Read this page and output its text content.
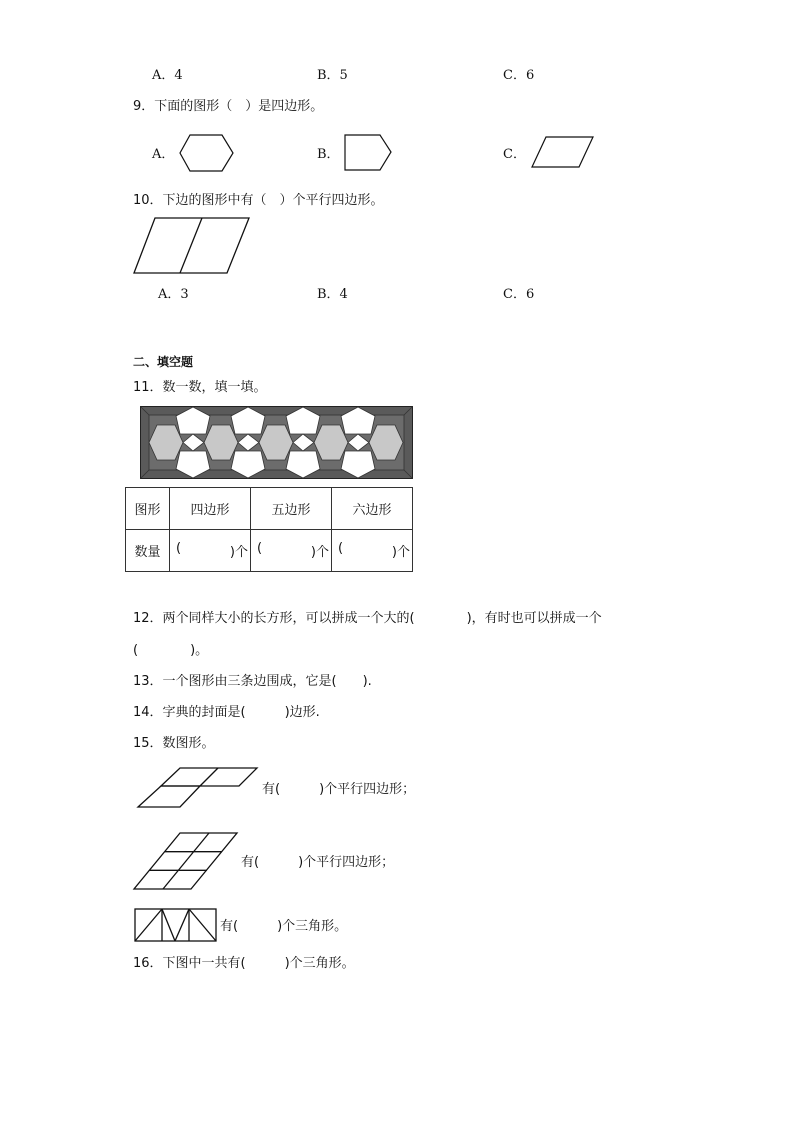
A．4	B．5	C．6
9．下面的图形（　）是四边形。
A．	B．	C．
10．下边的图形中有（　）个平行四边形。
A．3	B．4	C．6
二、填空题
11．数一数，填一填。
图形	四边形	五边形	六边形
数量	( )个	( )个	( )个
12．两个同样大小的长方形，可以拼成一个大的(　　　　)，有时也可以拼成一个
(　　　　)。
13．一个图形由三条边围成，它是(　　).
14．字典的封面是(　　　)边形.
15．数图形。
有(　　　)个平行四边形；
有(　　　)个平行四边形；
有(　　　)个三角形。
16．下图中一共有(　　　)个三角形。
